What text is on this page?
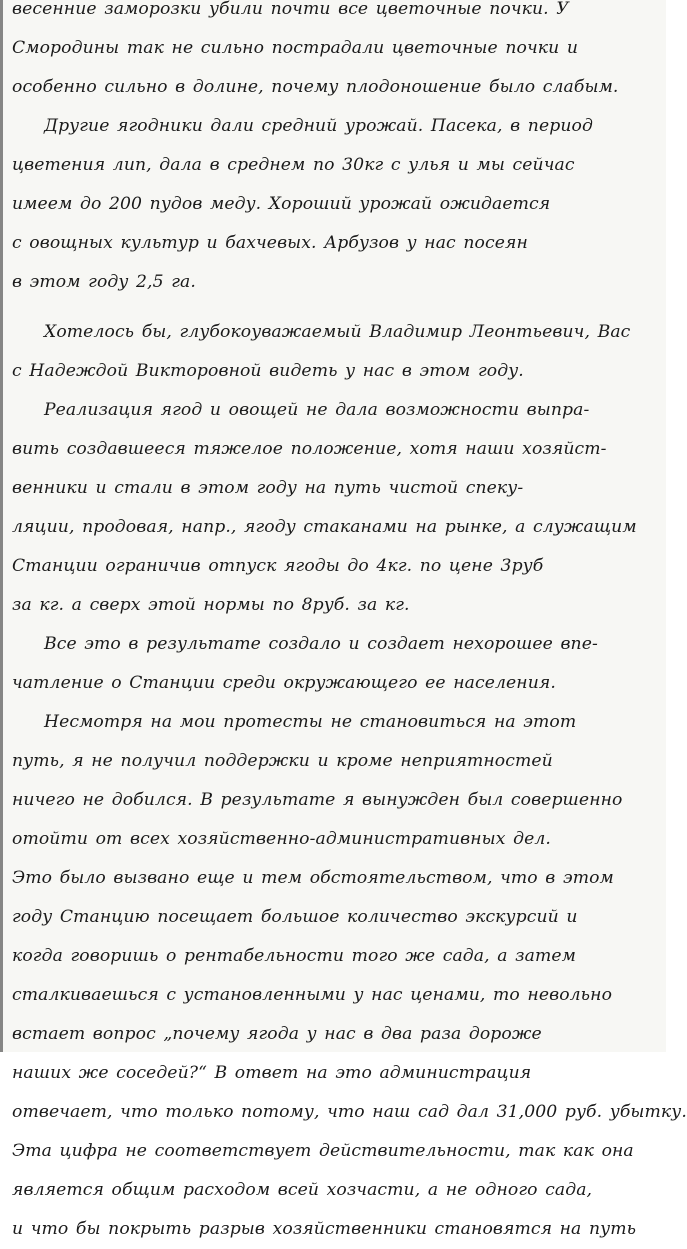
весенние заморозки убили почти все цветочные почки. У
Смородины так не сильно пострадали цветочные почки и
особенно сильно в долине, почему плодоношение было слабым.
Другие ягодники дали средний урожай. Пасека, в период
цветения лип, дала в среднем по 30кг с улья и мы сейчас
имеем до 200 пудов меду. Хороший урожай ожидается
с овощных культур и бахчевых. Арбузов у нас посеян
в этом году 2,5 га.
Хотелось бы, глубокоуважаемый Владимир Леонтьевич, Вас
с Надеждой Викторовной видеть у нас в этом году.
Реализация ягод и овощей не дала возможности выпра-
вить создавшееся тяжелое положение, хотя наши хозяйст-
венники и стали в этом году на путь чистой спеку-
ляции, продовая, напр., ягоду стаканами на рынке, а служащим
Станции ограничив отпуск ягоды до 4кг. по цене 3руб
за кг. а сверх этой нормы по 8руб. за кг.
Все это в результате создало и создает нехорошее впе-
чатление о Станции среди окружающего ее населения.
Несмотря на мои протесты не становиться на этот
путь, я не получил поддержки и кроме неприятностей
ничего не добился. В результате я вынужден был совершенно
отойти от всех хозяйственно-административных дел.
Это было вызвано еще и тем обстоятельством, что в этом
году Станцию посещает большое количество экскурсий и
когда говоришь о рентабельности того же сада, а затем
сталкиваешься с установленными у нас ценами, то невольно
встает вопрос „почему ягода у нас в два раза дороже
наших же соседей?“ В ответ на это администрация
отвечает, что только потому, что наш сад дал 31,000 руб. убытку.
Эта цифра не соответствует действительности, так как она
является общим расходом всей хозчасти, а не одного сада,
и что бы покрыть разрыв хозяйственники становятся на путь
